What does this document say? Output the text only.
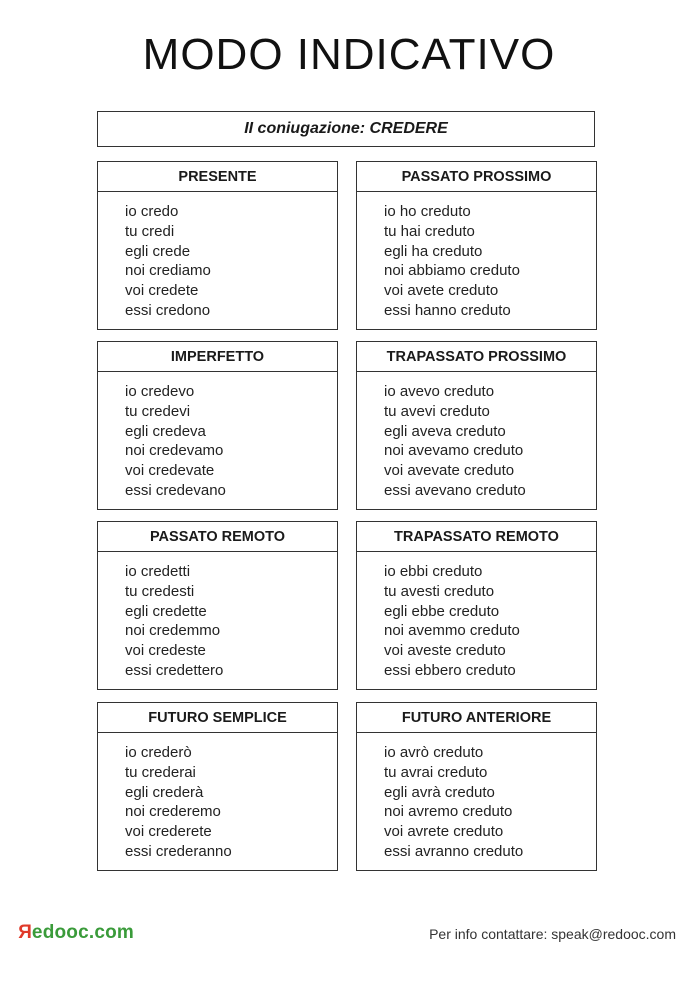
MODO INDICATIVO
II coniugazione: CREDERE
PRESENTE
io credo
tu credi
egli crede
noi crediamo
voi credete
essi credono
PASSATO PROSSIMO
io ho creduto
tu hai creduto
egli ha creduto
noi abbiamo creduto
voi avete creduto
essi hanno creduto
IMPERFETTO
io credevo
tu credevi
egli credeva
noi credevamo
voi credevate
essi credevano
TRAPASSATO PROSSIMO
io avevo creduto
tu avevi creduto
egli aveva creduto
noi avevamo creduto
voi avevate creduto
essi avevano creduto
PASSATO REMOTO
io credetti
tu credesti
egli credette
noi credemmo
voi credeste
essi credettero
TRAPASSATO REMOTO
io ebbi creduto
tu avesti creduto
egli ebbe creduto
noi avemmo creduto
voi aveste creduto
essi ebbero creduto
FUTURO SEMPLICE
io crederò
tu crederai
egli crederà
noi crederemo
voi crederete
essi crederanno
FUTURO ANTERIORE
io avrò creduto
tu avrai creduto
egli avrà creduto
noi avremo creduto
voi avrete creduto
essi avranno creduto
Redooc.com	Per info contattare: speak@redooc.com
